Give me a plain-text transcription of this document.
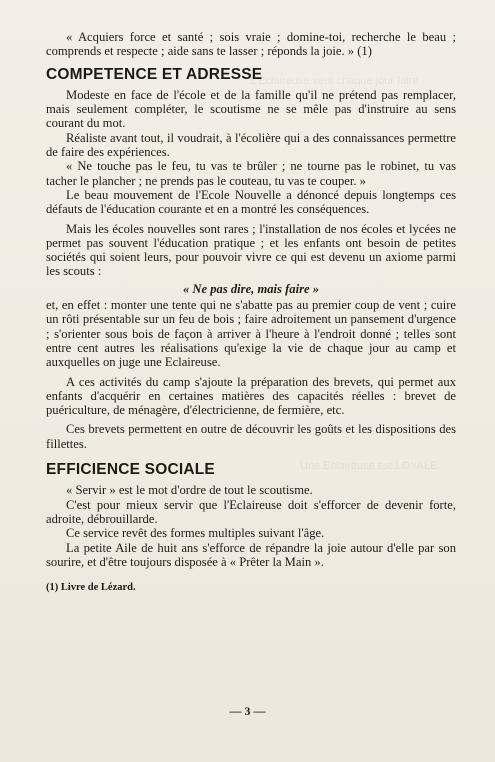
L'Eclaireuse veut chaque jour faire
Une Eclaireuse est LOYALE

« Acquiers force et santé ; sois vraie ; domine-toi, recherche le beau ; comprends et respecte ; aide sans te lasser ; réponds la joie. » (1)

COMPETENCE ET ADRESSE

Modeste en face de l'école et de la famille qu'il ne prétend pas remplacer, mais seulement compléter, le scoutisme ne se mêle pas d'instruire au sens courant du mot.

Réaliste avant tout, il voudrait, à l'écolière qui a des connaissances permettre de faire des expériences.

« Ne touche pas le feu, tu vas te brûler ; ne tourne pas le robinet, tu vas tacher le plancher ; ne prends pas le couteau, tu vas te couper. »

Le beau mouvement de l'Ecole Nouvelle a dénoncé depuis longtemps ces défauts de l'éducation courante et en a montré les conséquences.

Mais les écoles nouvelles sont rares ; l'installation de nos écoles et lycées ne permet pas souvent l'éducation pratique ; et les enfants ont besoin de petites sociétés qui soient leurs, pour pouvoir vivre ce qui est devenu un axiome parmi les scouts :

« Ne pas dire, mais faire »

et, en effet : monter une tente qui ne s'abatte pas au premier coup de vent ; cuire un rôti présentable sur un feu de bois ; faire adroitement un pansement d'urgence ; s'orienter sous bois de façon à arriver à l'heure à l'endroit donné ; telles sont entre cent autres les réalisations qu'exige la vie de chaque jour au camp et auxquelles on juge une Eclaireuse.

A ces activités du camp s'ajoute la préparation des brevets, qui permet aux enfants d'acquérir en certaines matières des capacités réelles : brevet de puériculture, de ménagère, d'électricienne, de fermière, etc.

Ces brevets permettent en outre de découvrir les goûts et les dispositions des fillettes.

EFFICIENCE SOCIALE

« Servir » est le mot d'ordre de tout le scoutisme.

C'est pour mieux servir que l'Eclaireuse doit s'efforcer de devenir forte, adroite, débrouillarde.

Ce service revêt des formes multiples suivant l'âge.

La petite Aile de huit ans s'efforce de répandre la joie autour d'elle par son sourire, et d'être toujours disposée à « Prêter la Main ».

(1) Livre de Lézard.

— 3 —
